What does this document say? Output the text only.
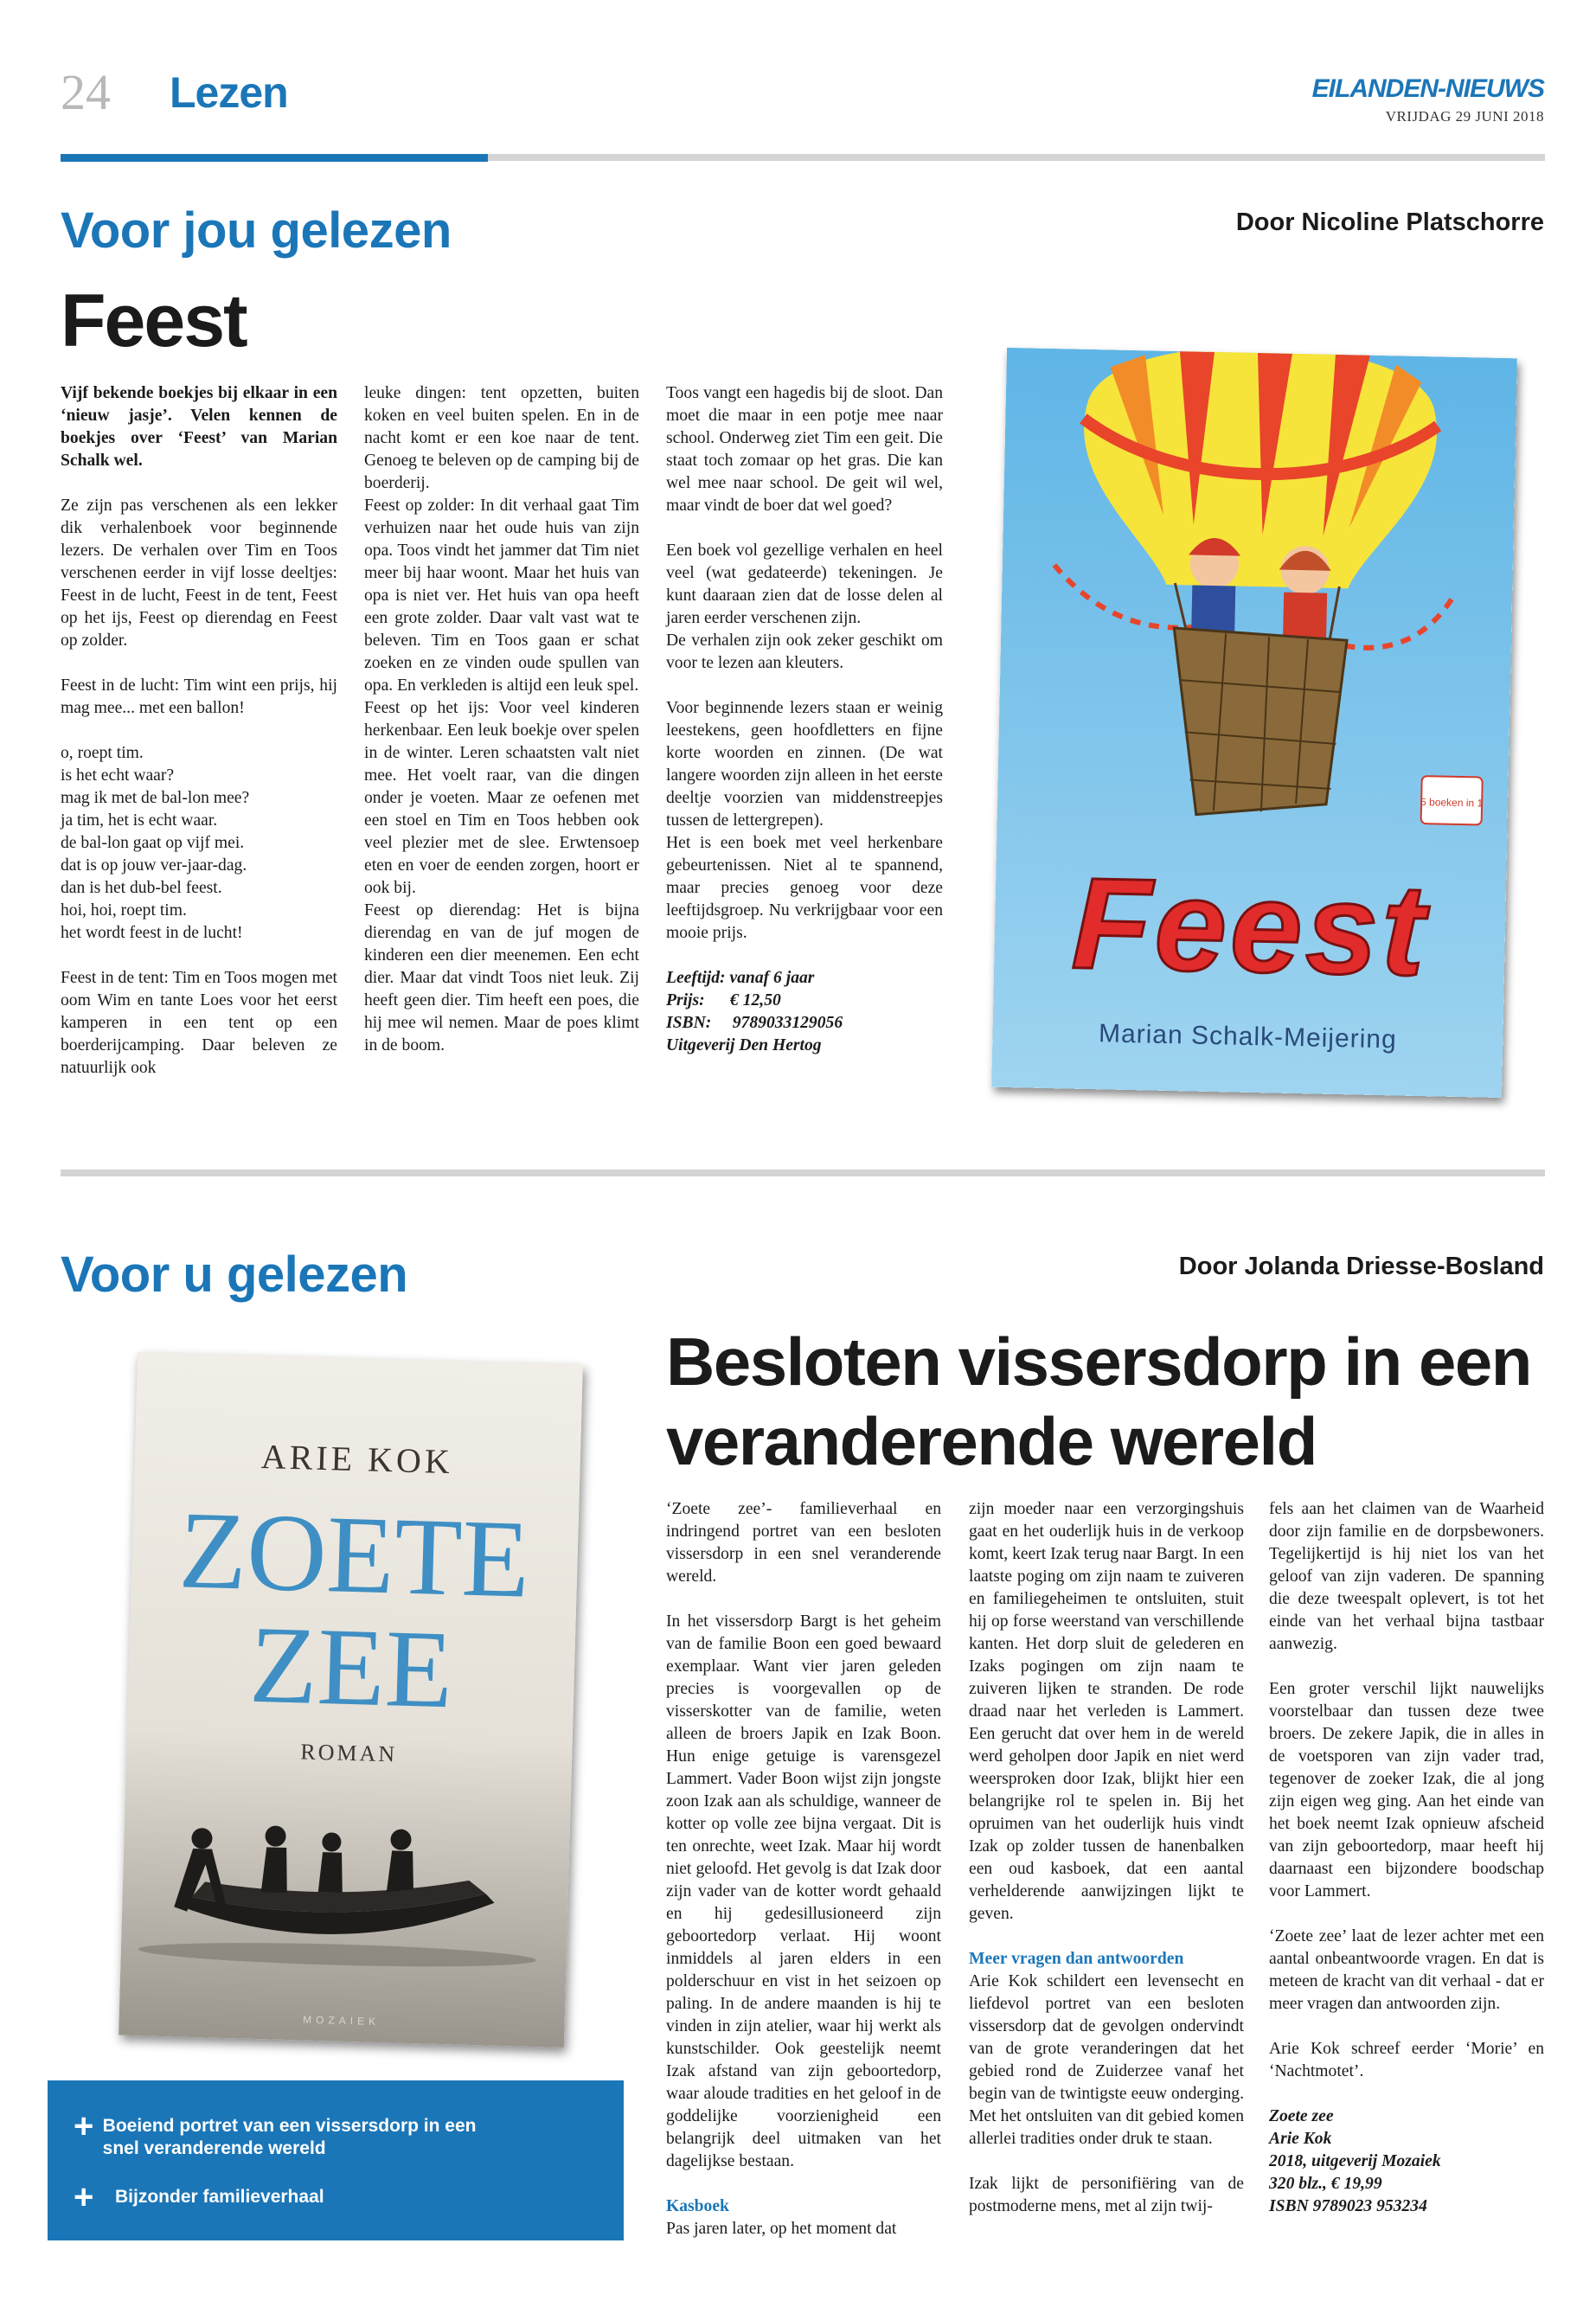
24 Lezen	EILANDEN-NIEUWS
VRIJDAG 29 JUNI 2018
Voor jou gelezen	Door Nicoline Platschorre
Feest

Vijf bekende boekjes bij elkaar in een ‘nieuw jasje’. Velen kennen de boekjes over ‘Feest’ van Marian Schalk wel.

Ze zijn pas verschenen als een lekker dik verhalenboek voor beginnende lezers. De verhalen over Tim en Toos verschenen eerder in vijf losse deeltjes: Feest in de lucht, Feest in de tent, Feest op het ijs, Feest op dierendag en Feest op zolder.

Feest in de lucht: Tim wint een prijs, hij mag mee... met een ballon!

o, roept tim.
is het echt waar?
mag ik met de bal-lon mee?
ja tim, het is echt waar.
de bal-lon gaat op vijf mei.
dat is op jouw ver-jaar-dag.
dan is het dub-bel feest.
hoi, hoi, roept tim.
het wordt feest in de lucht!

Feest in de tent: Tim en Toos mogen met oom Wim en tante Loes voor het eerst kamperen in een tent op een boerderijcamping. Daar beleven ze natuurlijk ook

leuke dingen: tent opzetten, buiten koken en veel buiten spelen. En in de nacht komt er een koe naar de tent. Genoeg te beleven op de camping bij de boerderij.

Feest op zolder: In dit verhaal gaat Tim verhuizen naar het oude huis van zijn opa. Toos vindt het jammer dat Tim niet meer bij haar woont. Maar het huis van opa is niet ver. Het huis van opa heeft een grote zolder. Daar valt vast wat te beleven. Tim en Toos gaan er schat zoeken en ze vinden oude spullen van opa. En verkleden is altijd een leuk spel.

Feest op het ijs: Voor veel kinderen herkenbaar. Een leuk boekje over spelen in de winter. Leren schaatsten valt niet mee. Het voelt raar, van die dingen onder je voeten. Maar ze oefenen met een stoel en Tim en Toos hebben ook veel plezier met de slee. Erwtensoep eten en voer de eenden zorgen, hoort er ook bij.

Feest op dierendag: Het is bijna dierendag en van de juf mogen de kinderen een dier meenemen. Een echt dier. Maar dat vindt Toos niet leuk. Zij heeft geen dier. Tim heeft een poes, die hij mee wil nemen. Maar de poes klimt in de boom.

Toos vangt een hagedis bij de sloot. Dan moet die maar in een potje mee naar school. Onderweg ziet Tim een geit. Die staat toch zomaar op het gras. Die kan wel mee naar school. De geit wil wel, maar vindt de boer dat wel goed?

Een boek vol gezellige verhalen en heel veel (wat gedateerde) tekeningen. Je kunt daaraan zien dat de losse delen al jaren eerder verschenen zijn.

De verhalen zijn ook zeker geschikt om voor te lezen aan kleuters.

Voor beginnende lezers staan er weinig leestekens, geen hoofdletters en fijne korte woorden en zinnen. (De wat langere woorden zijn alleen in het eerste deeltje voorzien van middenstreepjes tussen de lettergrepen).

Het is een boek met veel herkenbare gebeurtenissen. Niet al te spannend, maar precies genoeg voor deze leeftijdsgroep. Nu verkrijgbaar voor een mooie prijs.

Leeftijd: vanaf 6 jaar
Prijs:      € 12,50
ISBN:     9789033129056
Uitgeverij Den Hertog
5 boeken in 1
Feest
Marian Schalk-Meijering
Voor u gelezen	Door Jolanda Driesse-Bosland
Besloten vissersdorp in een veranderende wereld
ARIE KOK
ZOETE
ZEE
ROMAN
MOZAIEK
+ Boeiend portret van een vissersdorp in een snel veranderende wereld
+	Bijzonder familieverhaal

‘Zoete zee’- familieverhaal en indringend portret van een besloten vissersdorp in een snel veranderende wereld.

In het vissersdorp Bargt is het geheim van de familie Boon een goed bewaard exemplaar. Want vier jaren geleden precies is voorgevallen op de visserskotter van de familie, weten alleen de broers Japik en Izak Boon. Hun enige getuige is varensgezel Lammert. Vader Boon wijst zijn jongste zoon Izak aan als schuldige, wanneer de kotter op volle zee bijna vergaat. Dit is ten onrechte, weet Izak. Maar hij wordt niet geloofd. Het gevolg is dat Izak door zijn vader van de kotter wordt gehaald en hij gedesillusioneerd zijn geboortedorp verlaat. Hij woont inmiddels al jaren elders in een polderschuur en vist in het seizoen op paling. In de andere maanden is hij te vinden in zijn atelier, waar hij werkt als kunstschilder. Ook geestelijk neemt Izak afstand van zijn geboortedorp, waar aloude tradities en het geloof in de goddelijke voorzienigheid een belangrijk deel uitmaken van het dagelijkse bestaan.

Kasboek
Pas jaren later, op het moment dat

zijn moeder naar een verzorgingshuis gaat en het ouderlijk huis in de verkoop komt, keert Izak terug naar Bargt. In een laatste poging om zijn naam te zuiveren en familiegeheimen te ontsluiten, stuit hij op forse weerstand van verschillende kanten. Het dorp sluit de gelederen en Izaks pogingen om zijn naam te zuiveren lijken te stranden. De rode draad naar het verleden is Lammert. Een gerucht dat over hem in de wereld werd geholpen door Japik en niet werd weersproken door Izak, blijkt hier een belangrijke rol te spelen in. Bij het opruimen van het ouderlijk huis vindt Izak op zolder tussen de hanenbalken een oud kasboek, dat een aantal verhelderende aanwijzingen lijkt te geven.

Meer vragen dan antwoorden
Arie Kok schildert een levensecht en liefdevol portret van een besloten vissersdorp dat de gevolgen ondervindt van de grote veranderingen dat het gebied rond de Zuiderzee vanaf het begin van de twintigste eeuw onderging. Met het ontsluiten van dit gebied komen allerlei tradities onder druk te staan.

Izak lijkt de personifiëring van de postmoderne mens, met al zijn twij-

fels aan het claimen van de Waarheid door zijn familie en de dorpsbewoners. Tegelijkertijd is hij niet los van het geloof van zijn vaderen. De spanning die deze tweespalt oplevert, is tot het einde van het verhaal bijna tastbaar aanwezig.

Een groter verschil lijkt nauwelijks voorstelbaar dan tussen deze twee broers. De zekere Japik, die in alles in de voetsporen van zijn vader trad, tegenover de zoeker Izak, die al jong zijn eigen weg ging. Aan het einde van het boek neemt Izak opnieuw afscheid van zijn geboortedorp, maar heeft hij daarnaast een bijzondere boodschap voor Lammert.

‘Zoete zee’ laat de lezer achter met een aantal onbeantwoorde vragen. En dat is meteen de kracht van dit verhaal - dat er meer vragen dan antwoorden zijn.

Arie Kok schreef eerder ‘Morie’ en ‘Nachtmotet’.

Zoete zee
Arie Kok
2018, uitgeverij Mozaiek
320 blz., € 19,99
ISBN 9789023 953234
